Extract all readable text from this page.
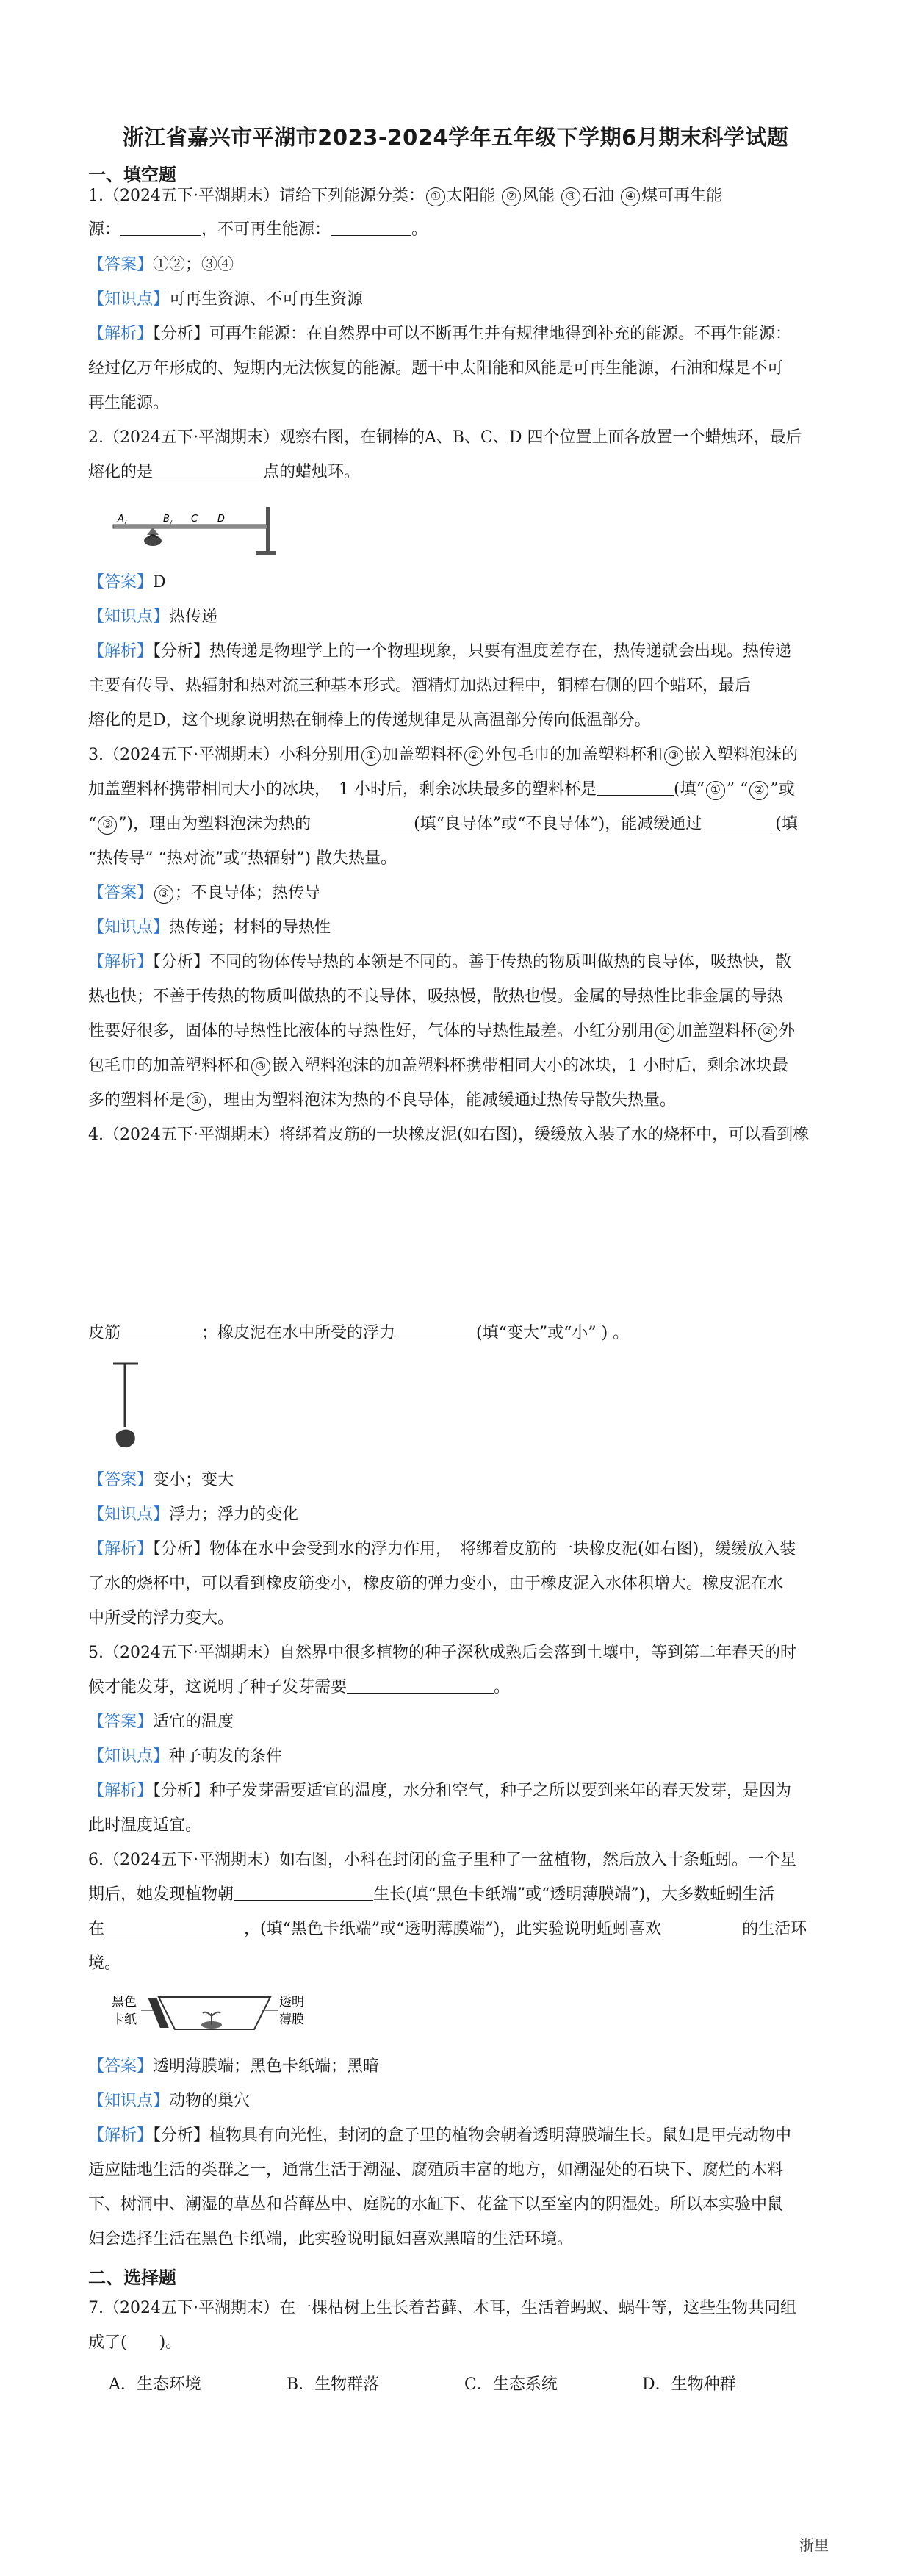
浙江省嘉兴市平湖市2023-2024学年五年级下学期6月期末科学试题
一、填空题
1.（2024五下·平湖期末）请给下列能源分类： ① 太阳能 ② 风能 ③ 石油 ④ 煤可再生能
源：	，不可再生能源：	。
【答案】①②；③④
【知识点】可再生资源、不可再生资源
【解析】【分析】可再生能源：在自然界中可以不断再生并有规律地得到补充的能源。不再生能源：
经过亿万年形成的、短期内无法恢复的能源。题干中太阳能和风能是可再生能源，石油和煤是不可
再生能源。
2.（2024五下·平湖期末）观察右图，在铜棒的A、B、C、D 四个位置上面各放置一个蜡烛环，最后
熔化的是	点的蜡烛环。
A	B C D
【答案】D
【知识点】热传递
【解析】【分析】热传递是物理学上的一个物理现象，只要有温度差存在，热传递就会出现。热传递
主要有传导、热辐射和热对流三种基本形式。酒精灯加热过程中，铜棒右侧的四个蜡环，最后
熔化的是D，这个现象说明热在铜棒上的传递规律是从高温部分传向低温部分。
3.（2024五下·平湖期末）小科分别用 ① 加盖塑料杯 ② 外包毛巾的加盖塑料杯和 ③ 嵌入塑料泡沫的
加盖塑料杯携带相同大小的冰块，　1 小时后，剩余冰块最多的塑料杯是	(填“ ① ” “ ② ”或
“ ③ ”)，理由为塑料泡沫为热的	(填“良导体”或“不良导体”)，能减缓通过	(填
“热传导” “热对流”或“热辐射”) 散失热量。
【答案】 ③ ；不良导体；热传导
【知识点】热传递；材料的导热性
【解析】【分析】不同的物体传导热的本领是不同的。善于传热的物质叫做热的良导体，吸热快，散
热也快；不善于传热的物质叫做热的不良导体，吸热慢，散热也慢。金属的导热性比非金属的导热
性要好很多，固体的导热性比液体的导热性好，气体的导热性最差。小红分别用 ① 加盖塑料杯 ② 外
包毛巾的加盖塑料杯和 ③ 嵌入塑料泡沫的加盖塑料杯携带相同大小的冰块，1 小时后，剩余冰块最
多的塑料杯是 ③ ，理由为塑料泡沫为热的不良导体，能减缓通过热传导散失热量。
4.（2024五下·平湖期末）将绑着皮筋的一块橡皮泥(如右图)，缓缓放入装了水的烧杯中，可以看到橡
皮筋	；橡皮泥在水中所受的浮力	(填“变大”或“小” ) 。
【答案】变小；变大
【知识点】浮力；浮力的变化
【解析】【分析】物体在水中会受到水的浮力作用，　将绑着皮筋的一块橡皮泥(如右图)，缓缓放入装
了水的烧杯中，可以看到橡皮筋变小，橡皮筋的弹力变小，由于橡皮泥入水体积增大。橡皮泥在水
中所受的浮力变大。
5.（2024五下·平湖期末）自然界中很多植物的种子深秋成熟后会落到土壤中，等到第二年春天的时
候才能发芽，这说明了种子发芽需要	。
【答案】适宜的温度
【知识点】种子萌发的条件
【解析】【分析】种子发芽需要适宜的温度，水分和空气，种子之所以要到来年的春天发芽，是因为
此时温度适宜。
6.（2024五下·平湖期末）如右图，小科在封闭的盒子里种了一盆植物，然后放入十条蚯蚓。一个星
期后，她发现植物朝	生长(填“黑色卡纸端”或“透明薄膜端”)，大多数蚯蚓生活
在	，(填“黑色卡纸端”或“透明薄膜端”)，此实验说明蚯蚓喜欢	的生活环
境。
黑色
卡纸
透明
薄膜
【答案】透明薄膜端；黑色卡纸端；黑暗
【知识点】动物的巢穴
【解析】【分析】植物具有向光性，封闭的盒子里的植物会朝着透明薄膜端生长。鼠妇是甲壳动物中
适应陆地生活的类群之一，通常生活于潮湿、腐殖质丰富的地方，如潮湿处的石块下、腐烂的木料
下、树洞中、潮湿的草丛和苔藓丛中、庭院的水缸下、花盆下以至室内的阴湿处。所以本实验中鼠
妇会选择生活在黑色卡纸端，此实验说明鼠妇喜欢黑暗的生活环境。
二、选择题
7.（2024五下·平湖期末）在一棵枯树上生长着苔藓、木耳，生活着蚂蚁、蜗牛等，这些生物共同组
成了(　　)。
A．生态环境	B．生物群落	C．生态系统	D．生物种群
浙里
